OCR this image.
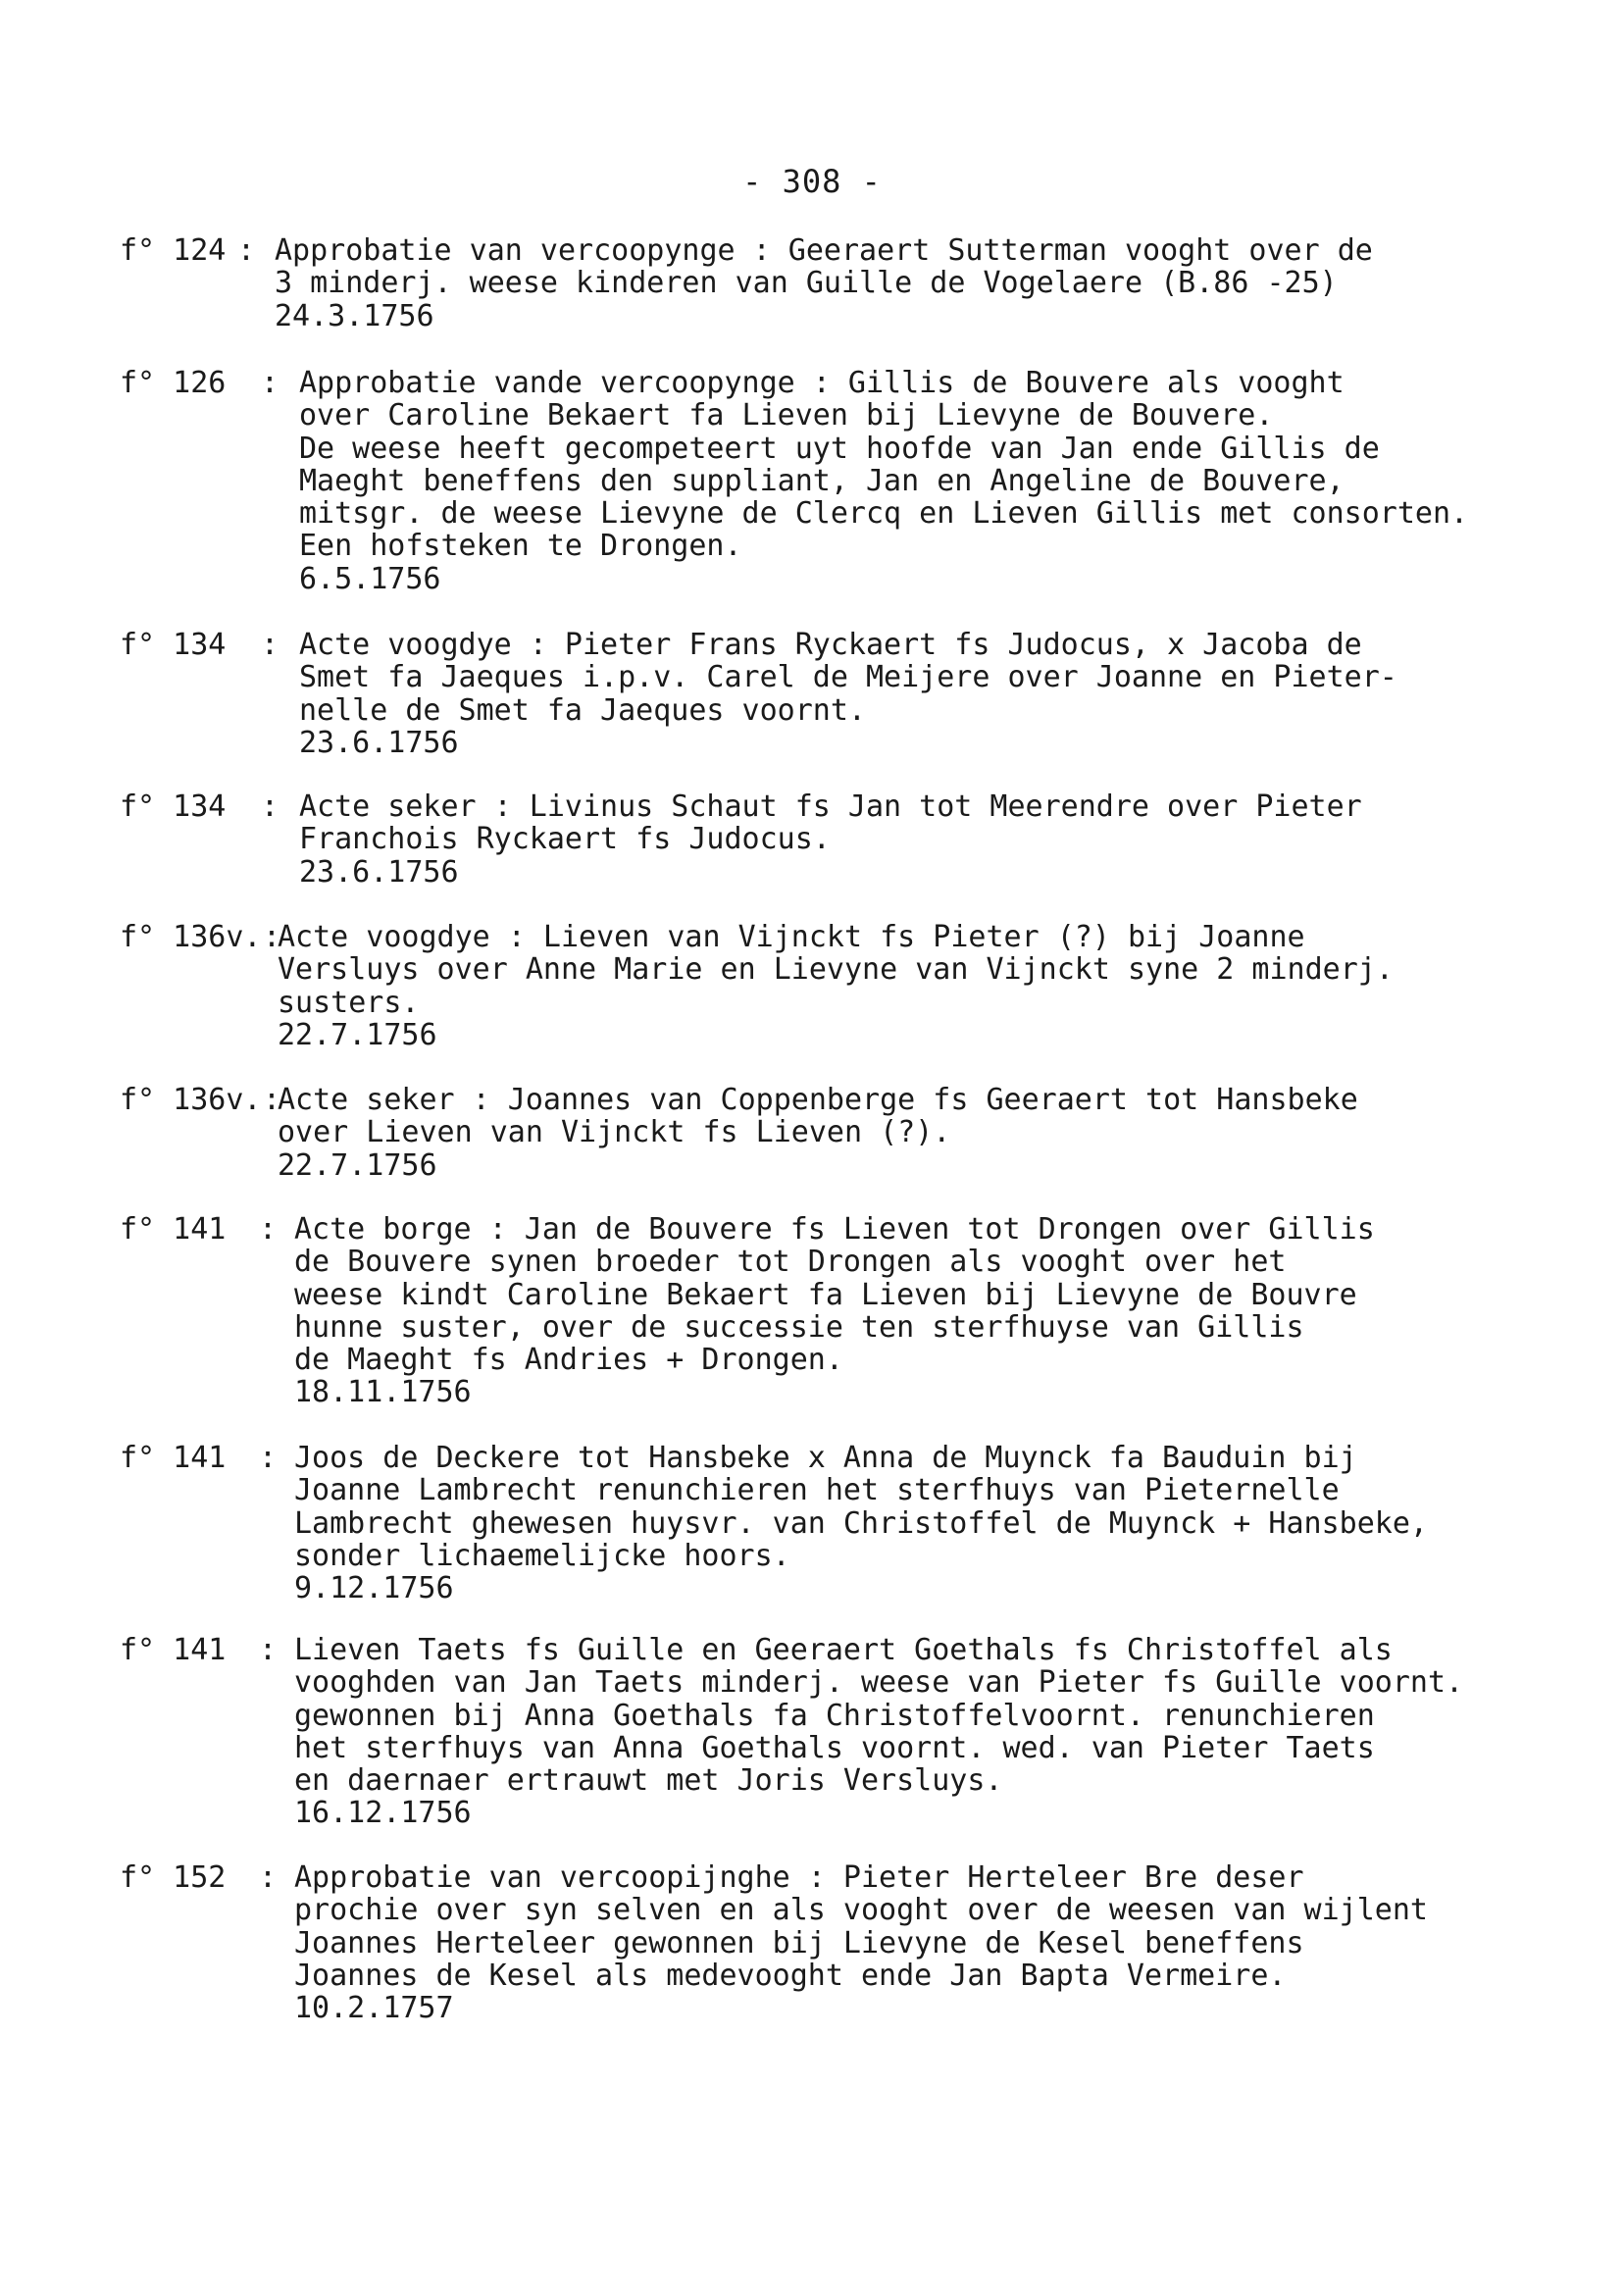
- 308 -
f° 124 : Approbatie van vercoopynge : Geeraert Sutterman vooght over de
3 minderj. weese kinderen van Guille de Vogelaere (B.86 -25)
24.3.1756
f° 126 : Approbatie vande vercoopynge : Gillis de Bouvere als vooght
over Caroline Bekaert fa Lieven bij Lievyne de Bouvere.
De weese heeft gecompeteert uyt hoofde van Jan ende Gillis de
Maeght beneffens den suppliant, Jan en Angeline de Bouvere,
mitsgr. de weese Lievyne de Clercq en Lieven Gillis met consorten.
Een hofsteken te Drongen.
6.5.1756
f° 134 : Acte voogdye : Pieter Frans Ryckaert fs Judocus, x Jacoba de
Smet fa Jaeques i.p.v. Carel de Meijere over Joanne en Pieter-
nelle de Smet fa Jaeques voornt.
23.6.1756
f° 134 : Acte seker : Livinus Schaut fs Jan tot Meerendre over Pieter
Franchois Ryckaert fs Judocus.
23.6.1756
f° 136v. :
Acte voogdye : Lieven van Vijnckt fs Pieter (?) bij Joanne
Versluys over Anne Marie en Lievyne van Vijnckt syne 2 minderj.
susters.
22.7.1756
f° 136v. :
Acte seker : Joannes van Coppenberge fs Geeraert tot Hansbeke
over Lieven van Vijnckt fs Lieven (?).
22.7.1756
f° 141 : Acte borge : Jan de Bouvere fs Lieven tot Drongen over Gillis
de Bouvere synen broeder tot Drongen als vooght over het
weese kindt Caroline Bekaert fa Lieven bij Lievyne de Bouvre
hunne suster, over de successie ten sterfhuyse van Gillis
de Maeght fs Andries + Drongen.
18.11.1756
f° 141 : Joos de Deckere tot Hansbeke x Anna de Muynck fa Bauduin bij
Joanne Lambrecht renunchieren het sterfhuys van Pieternelle
Lambrecht ghewesen huysvr. van Christoffel de Muynck + Hansbeke,
sonder lichaemelijcke hoors.
9.12.1756
f° 141 : Lieven Taets fs Guille en Geeraert Goethals fs Christoffel als
vooghden van Jan Taets minderj. weese van Pieter fs Guille voornt.
gewonnen bij Anna Goethals fa Christoffelvoornt. renunchieren
het sterfhuys van Anna Goethals voornt. wed. van Pieter Taets
en daernaer ertrauwt met Joris Versluys.
16.12.1756
f° 152 : Approbatie van vercoopijnghe : Pieter Herteleer Bre deser
prochie over syn selven en als vooght over de weesen van wijlent
Joannes Herteleer gewonnen bij Lievyne de Kesel beneffens
Joannes de Kesel als medevooght ende Jan Bapta Vermeire.
10.2.1757
